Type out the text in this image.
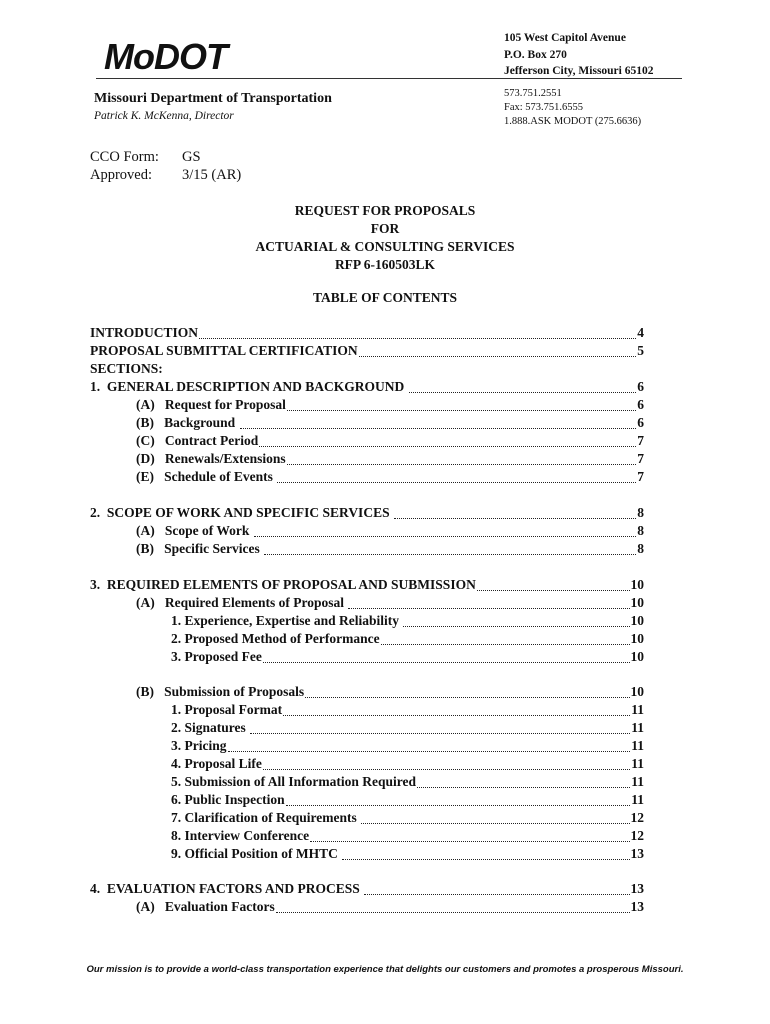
MoDOT	105 West Capitol Avenue
P.O. Box 270
Jefferson City, Missouri 65102
Missouri Department of Transportation
Patrick K. McKenna, Director
573.751.2551
Fax: 573.751.6555
1.888.ASK MODOT (275.6636)
CCO Form: GS
Approved: 3/15 (AR)
REQUEST FOR PROPOSALS
FOR
ACTUARIAL & CONSULTING SERVICES
RFP 6-160503LK
TABLE OF CONTENTS
INTRODUCTION	4
PROPOSAL SUBMITTAL CERTIFICATION	5
SECTIONS:
1.  GENERAL DESCRIPTION AND BACKGROUND	6
(A)   Request for Proposal	6
(B)   Background	6
(C)   Contract Period	7
(D)   Renewals/Extensions	7
(E)   Schedule of Events	7
2.  SCOPE OF WORK AND SPECIFIC SERVICES	8
(A)   Scope of Work	8
(B)   Specific Services	8
3.  REQUIRED ELEMENTS OF PROPOSAL AND SUBMISSION	10
(A)   Required Elements of Proposal	10
1. Experience, Expertise and Reliability	10
2. Proposed Method of Performance	10
3. Proposed Fee	10
(B)   Submission of Proposals	10
1. Proposal Format	11
2. Signatures	11
3. Pricing	11
4. Proposal Life	11
5. Submission of All Information Required	11
6. Public Inspection	11
7. Clarification of Requirements	12
8. Interview Conference	12
9. Official Position of MHTC	13
4.  EVALUATION FACTORS AND PROCESS	13
(A)   Evaluation Factors	13
Our mission is to provide a world-class transportation experience that delights our customers and promotes a prosperous Missouri.
